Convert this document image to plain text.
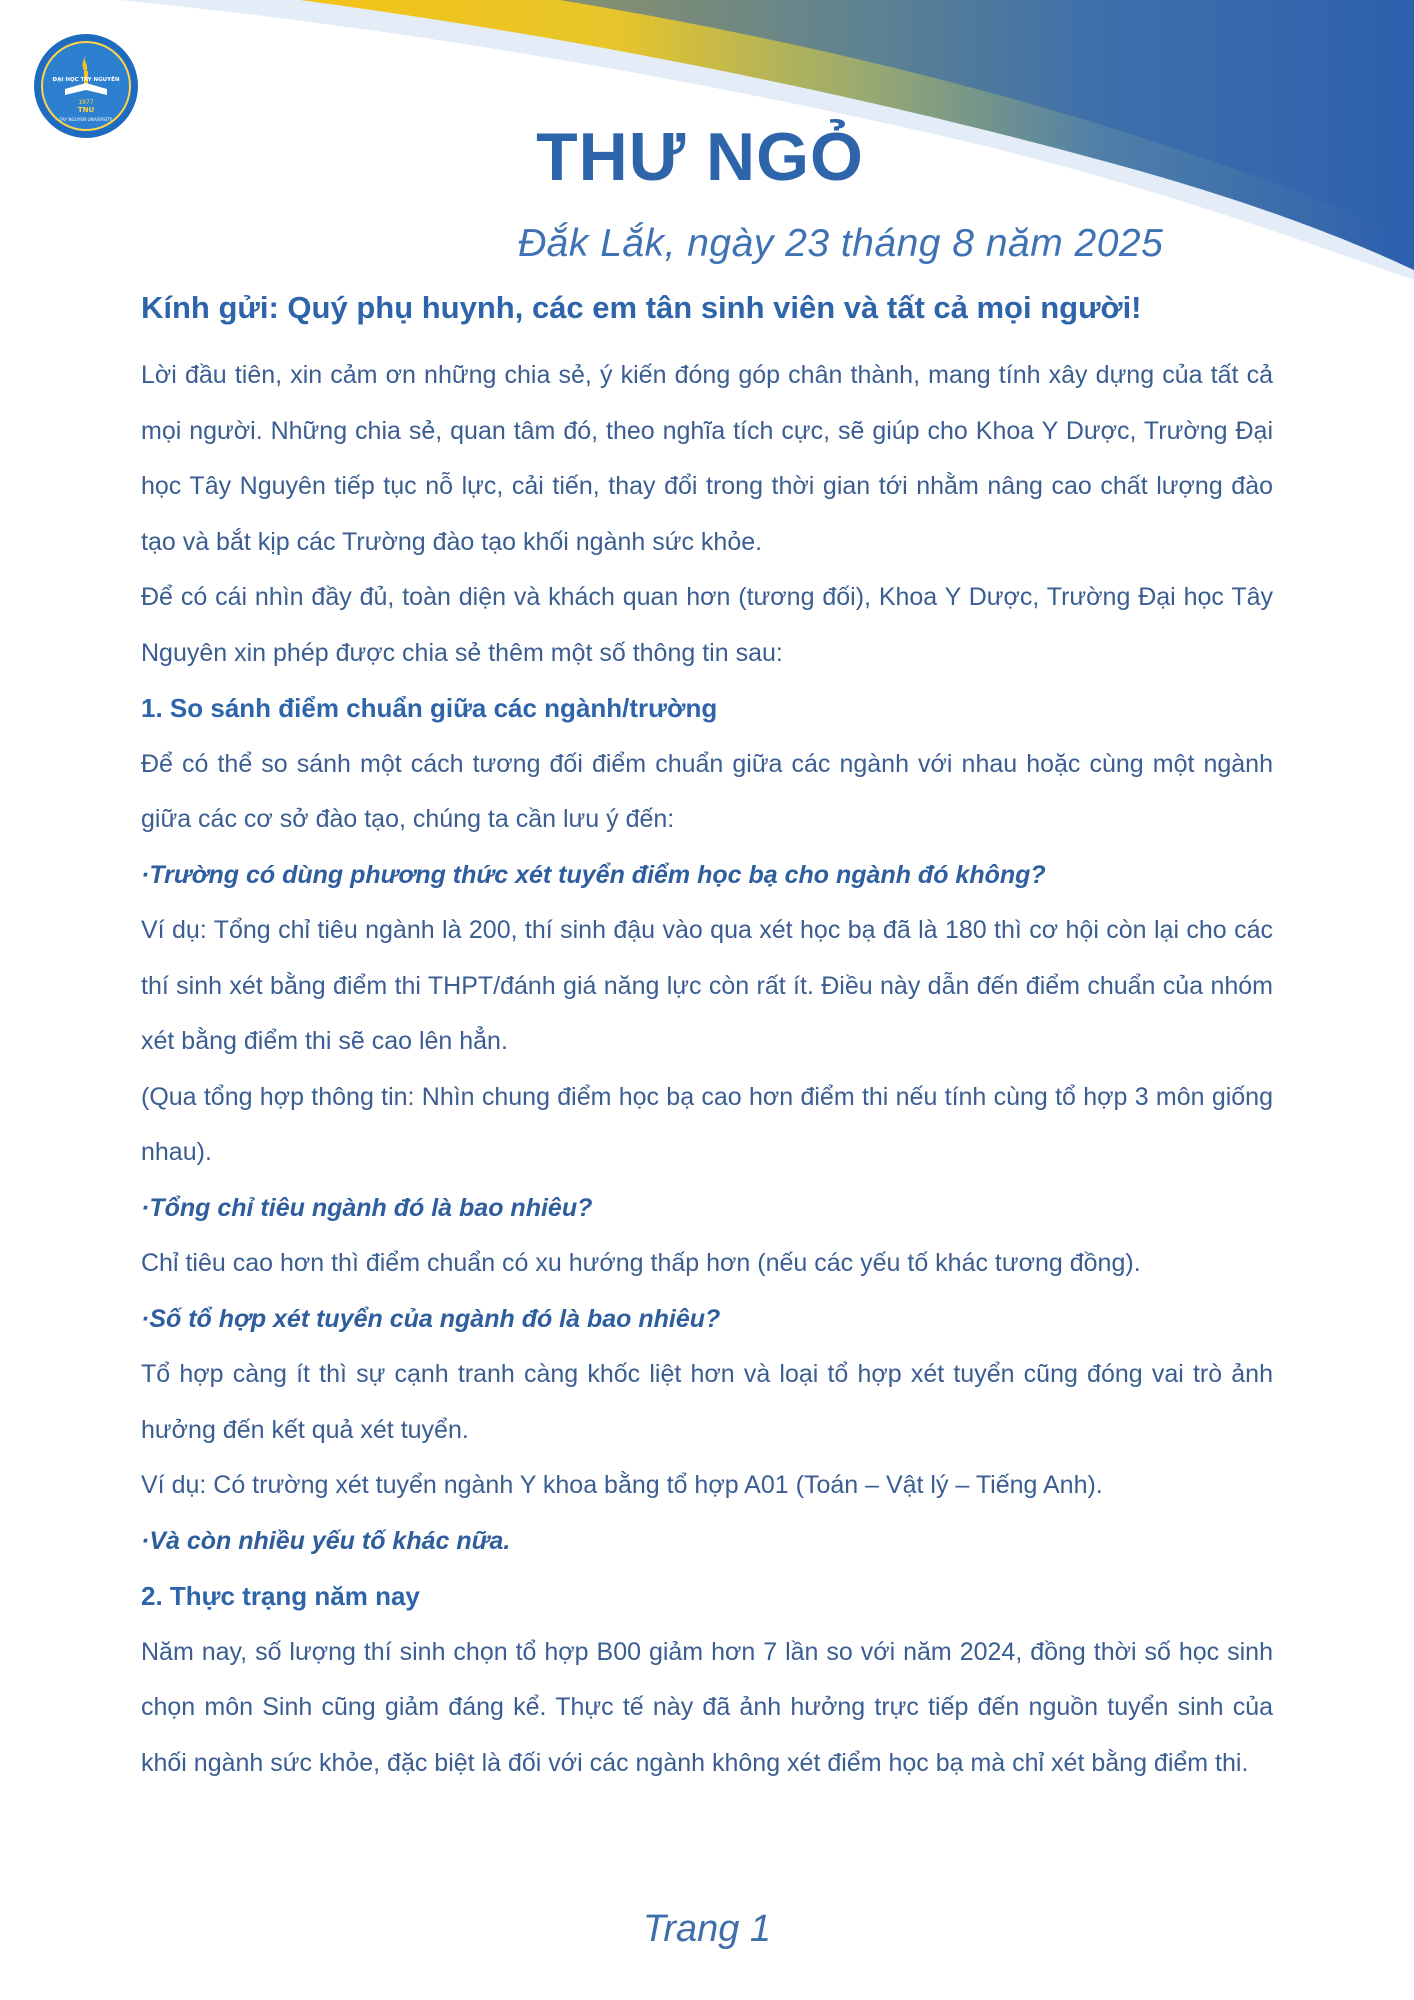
ĐẠI HỌC TÂY NGUYÊN
1977
TNU
TAY NGUYEN UNIVERSITY	THƯ NGỎ
Đắk Lắk, ngày 23 tháng 8 năm 2025

Kính gửi: Quý phụ huynh, các em tân sinh viên và tất cả mọi người!

Lời đầu tiên, xin cảm ơn những chia sẻ, ý kiến đóng góp chân thành, mang tính xây dựng của tất cả mọi người. Những chia sẻ, quan tâm đó, theo nghĩa tích cực, sẽ giúp cho Khoa Y Dược, Trường Đại học Tây Nguyên tiếp tục nỗ lực, cải tiến, thay đổi trong thời gian tới nhằm nâng cao chất lượng đào tạo và bắt kịp các Trường đào tạo khối ngành sức khỏe.

Để có cái nhìn đầy đủ, toàn diện và khách quan hơn (tương đối), Khoa Y Dược, Trường Đại học Tây Nguyên xin phép được chia sẻ thêm một số thông tin sau:

1. So sánh điểm chuẩn giữa các ngành/trường

Để có thể so sánh một cách tương đối điểm chuẩn giữa các ngành với nhau hoặc cùng một ngành giữa các cơ sở đào tạo, chúng ta cần lưu ý đến:

·Trường có dùng phương thức xét tuyển điểm học bạ cho ngành đó không?

Ví dụ: Tổng chỉ tiêu ngành là 200, thí sinh đậu vào qua xét học bạ đã là 180 thì cơ hội còn lại cho các thí sinh xét bằng điểm thi THPT/đánh giá năng lực còn rất ít. Điều này dẫn đến điểm chuẩn của nhóm xét bằng điểm thi sẽ cao lên hẳn.

(Qua tổng hợp thông tin: Nhìn chung điểm học bạ cao hơn điểm thi nếu tính cùng tổ hợp 3 môn giống nhau).

·Tổng chỉ tiêu ngành đó là bao nhiêu?

Chỉ tiêu cao hơn thì điểm chuẩn có xu hướng thấp hơn (nếu các yếu tố khác tương đồng).

·Số tổ hợp xét tuyển của ngành đó là bao nhiêu?

Tổ hợp càng ít thì sự cạnh tranh càng khốc liệt hơn và loại tổ hợp xét tuyển cũng đóng vai trò ảnh hưởng đến kết quả xét tuyển.

Ví dụ: Có trường xét tuyển ngành Y khoa bằng tổ hợp A01 (Toán – Vật lý – Tiếng Anh).

·Và còn nhiều yếu tố khác nữa.

2. Thực trạng năm nay

Năm nay, số lượng thí sinh chọn tổ hợp B00 giảm hơn 7 lần so với năm 2024, đồng thời số học sinh chọn môn Sinh cũng giảm đáng kể. Thực tế này đã ảnh hưởng trực tiếp đến nguồn tuyển sinh của khối ngành sức khỏe, đặc biệt là đối với các ngành không xét điểm học bạ mà chỉ xét bằng điểm thi.

Trang 1
